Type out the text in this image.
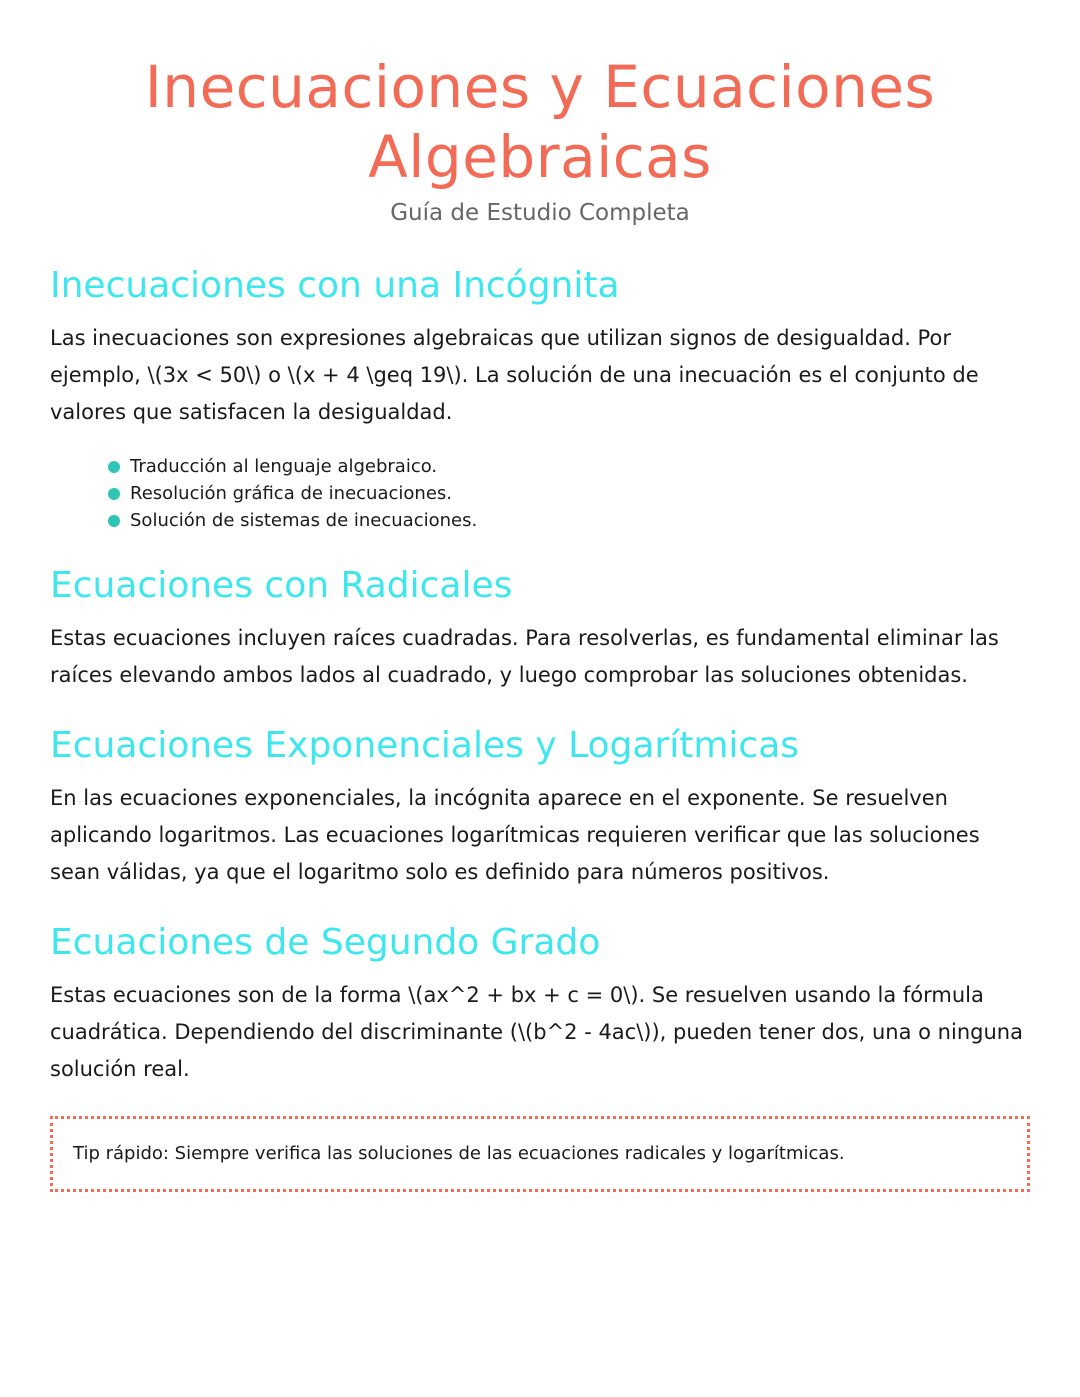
Inecuaciones y Ecuaciones
Algebraicas

Guía de Estudio Completa

Inecuaciones con una Incógnita

Las inecuaciones son expresiones algebraicas que utilizan signos de desigualdad. Por ejemplo, \(3x < 50\) o \(x + 4 \geq 19\). La solución de una inecuación es el conjunto de valores que satisfacen la desigualdad.

Traducción al lenguaje algebraico.
Resolución gráfica de inecuaciones.
Solución de sistemas de inecuaciones.
Ecuaciones con Radicales

Estas ecuaciones incluyen raíces cuadradas. Para resolverlas, es fundamental eliminar las raíces elevando ambos lados al cuadrado, y luego comprobar las soluciones obtenidas.

Ecuaciones Exponenciales y Logarítmicas

En las ecuaciones exponenciales, la incógnita aparece en el exponente. Se resuelven aplicando logaritmos. Las ecuaciones logarítmicas requieren verificar que las soluciones sean válidas, ya que el logaritmo solo es definido para números positivos.

Ecuaciones de Segundo Grado

Estas ecuaciones son de la forma \(ax^2 + bx + c = 0\). Se resuelven usando la fórmula cuadrática. Dependiendo del discriminante (\(b^2 - 4ac\)), pueden tener dos, una o ninguna solución real.

Tip rápido: Siempre verifica las soluciones de las ecuaciones radicales y logarítmicas.
